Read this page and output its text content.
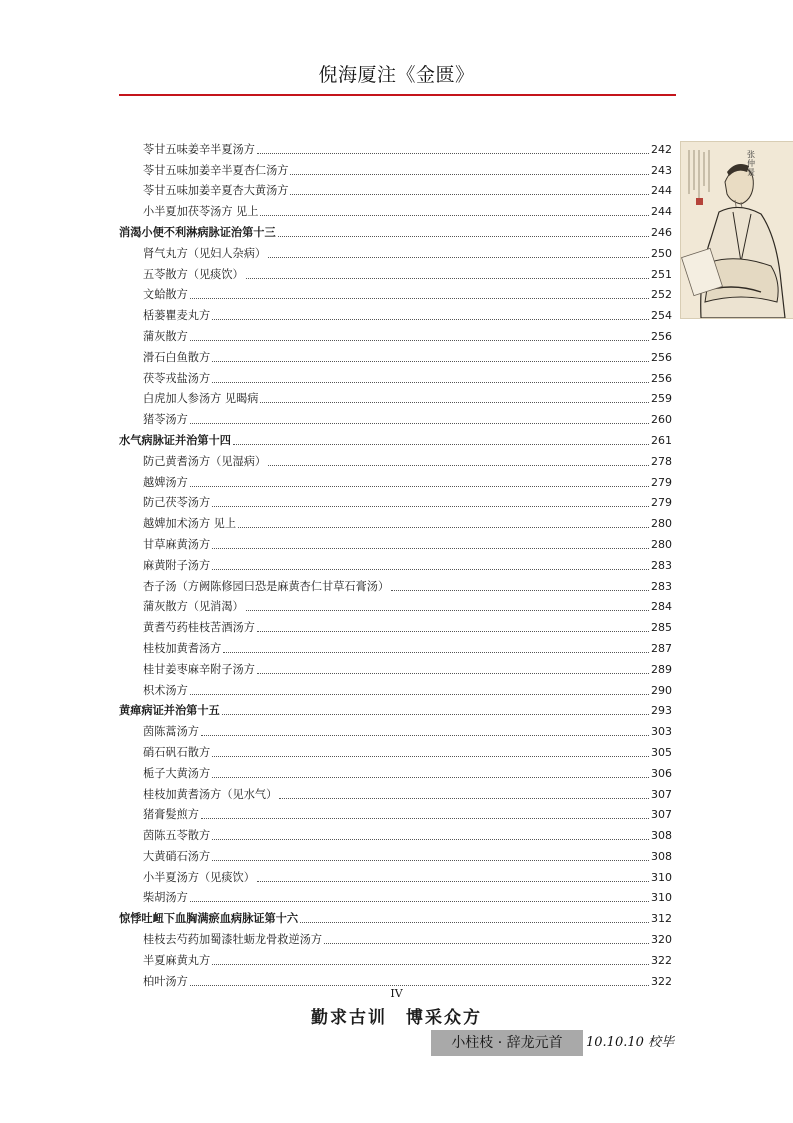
倪海厦注《金匮》
苓甘五味姜辛半夏汤方	242
苓甘五味加姜辛半夏杏仁汤方	243
苓甘五味加姜辛夏杏大黄汤方	244
小半夏加茯苓汤方 见上	244
消渴小便不利淋病脉证治第十三	246
肾气丸方（见妇人杂病）	250
五苓散方（见痰饮）	251
文蛤散方	252
栝蒌瞿麦丸方	254
蒲灰散方	256
滑石白鱼散方	256
茯苓戎盐汤方	256
白虎加人参汤方 见暍病	259
猪苓汤方	260
水气病脉证并治第十四	261
防己黄耆汤方（见湿病）	278
越婢汤方	279
防己茯苓汤方	279
越婢加术汤方 见上	280
甘草麻黄汤方	280
麻黄附子汤方	283
杏子汤（方阙陈修园曰恐是麻黄杏仁甘草石膏汤）	283
蒲灰散方（见消渴）	284
黄耆芍药桂枝苦酒汤方	285
桂枝加黄耆汤方	287
桂甘姜枣麻辛附子汤方	289
枳术汤方	290
黄瘅病证并治第十五	293
茵陈蒿汤方	303
硝石矾石散方	305
栀子大黄汤方	306
桂枝加黄耆汤方（见水气）	307
猪膏髪煎方	307
茵陈五苓散方	308
大黄硝石汤方	308
小半夏汤方（见痰饮）	310
柴胡汤方	310
惊悸吐衄下血胸满瘀血病脉证第十六	312
桂枝去芍药加蜀漆牡蛎龙骨救逆汤方	320
半夏麻黄丸方	322
柏叶汤方	322
张仲景
IV
勤求古训　博采众方
小柱枝 · 辞龙元首	10.10.10 校毕
